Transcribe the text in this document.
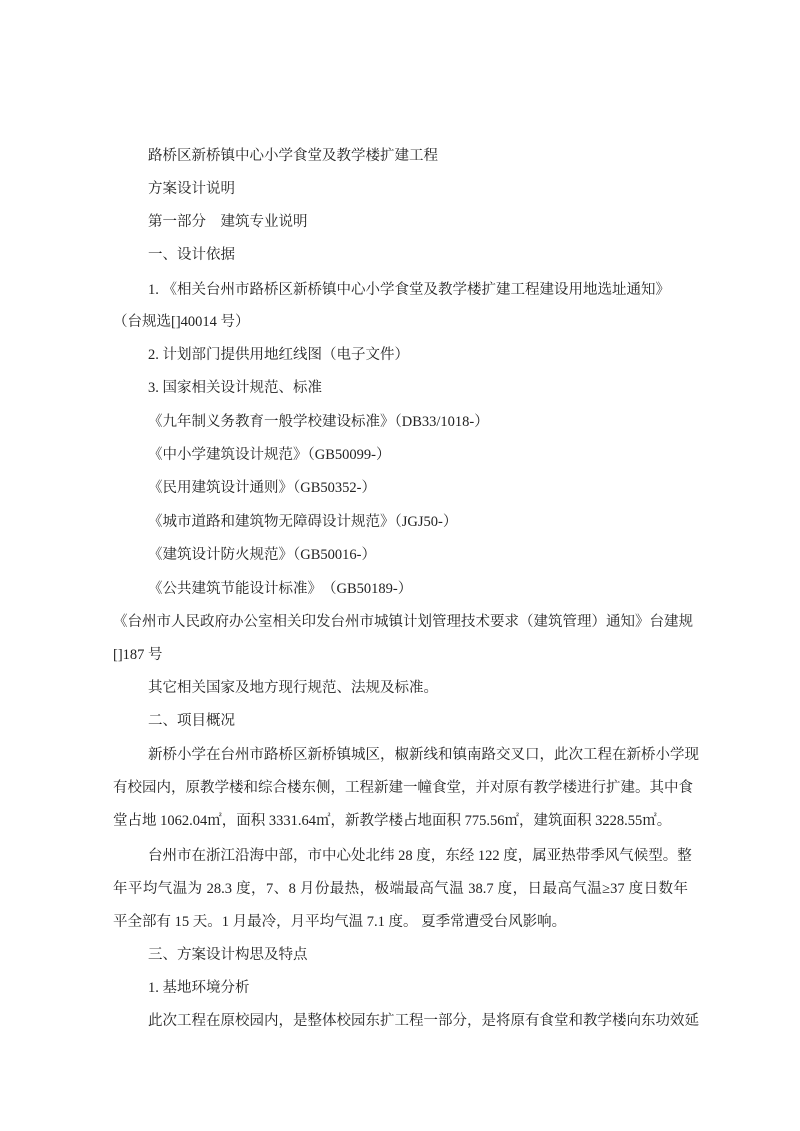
路桥区新桥镇中心小学食堂及教学楼扩建工程
方案设计说明
第一部分　建筑专业说明
一、设计依据
1. 《相关台州市路桥区新桥镇中心小学食堂及教学楼扩建工程建设用地选址通知》
（台规选[]40014 号）
2. 计划部门提供用地红线图（电子文件）
3. 国家相关设计规范、标准
《九年制义务教育一般学校建设标准》（DB33/1018-）
《中小学建筑设计规范》（GB50099-）
《民用建筑设计通则》（GB50352-）
《城市道路和建筑物无障碍设计规范》（JGJ50-）
《建筑设计防火规范》（GB50016-）
《公共建筑节能设计标准》　（GB50189-）
《台州市人民政府办公室相关印发台州市城镇计划管理技术要求（建筑管理）通知》台建规
[]187 号
其它相关国家及地方现行规范、法规及标准。
二、项目概况
新桥小学在台州市路桥区新桥镇城区，椒新线和镇南路交叉口，此次工程在新桥小学现
有校园内，原教学楼和综合楼东侧，工程新建一幢食堂，并对原有教学楼进行扩建。其中食
堂占地 1062.04㎡，面积 3331.64㎡，新教学楼占地面积 775.56㎡，建筑面积 3228.55㎡。
台州市在浙江沿海中部，市中心处北纬 28 度，东经 122 度，属亚热带季风气候型。整
年平均气温为 28.3 度，7、8 月份最热，极端最高气温 38.7 度，日最高气温≥37 度日数年
平全部有 15 天。1 月最冷，月平均气温 7.1 度。 夏季常遭受台风影响。
三、方案设计构思及特点
1. 基地环境分析
此次工程在原校园内，是整体校园东扩工程一部分，是将原有食堂和教学楼向东功效延
